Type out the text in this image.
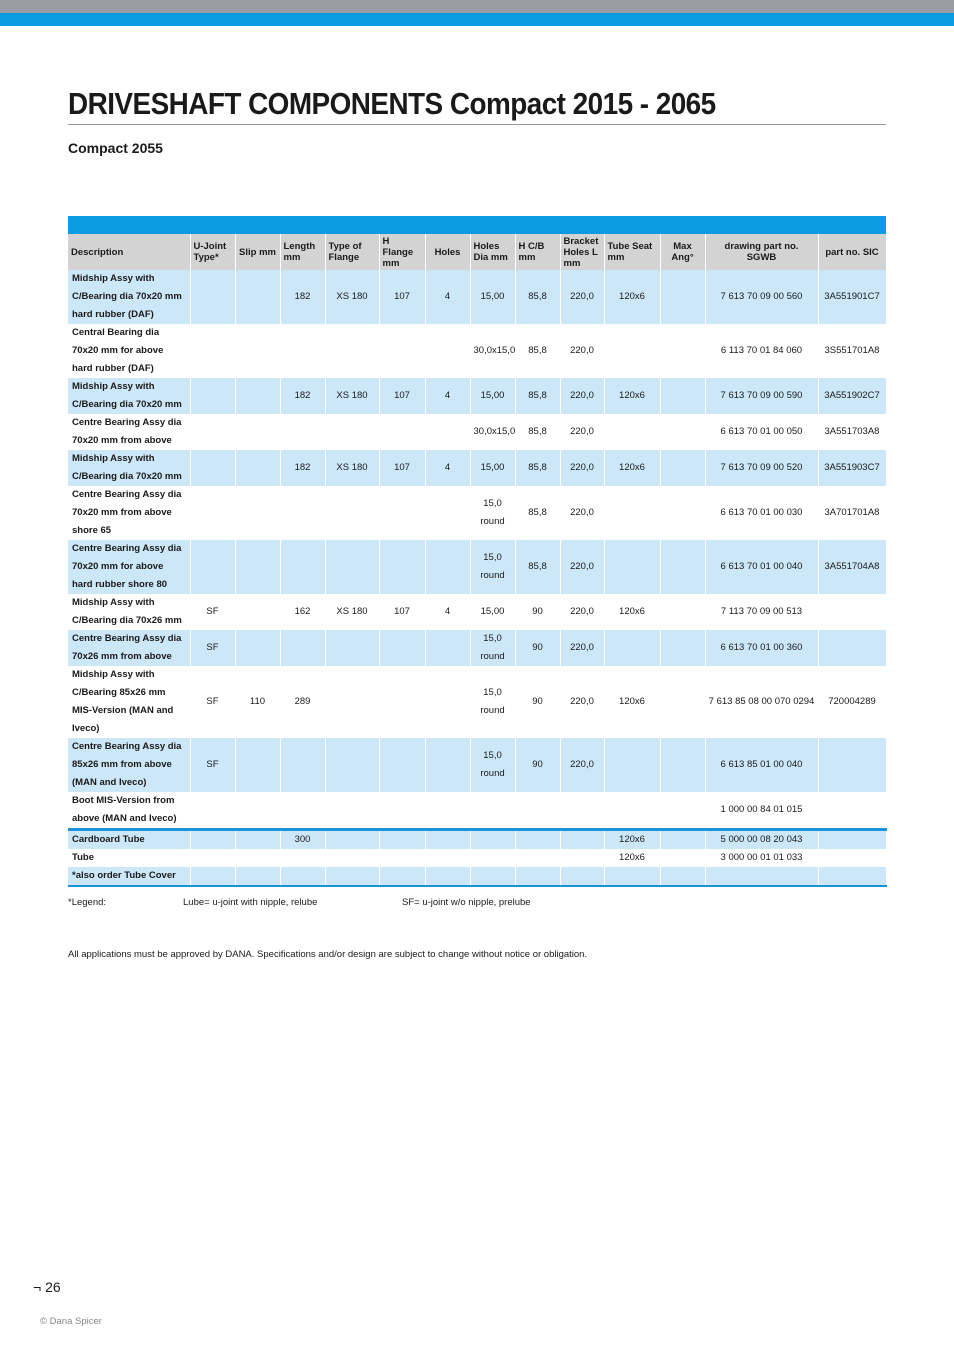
DRIVESHAFT COMPONENTS Compact 2015 - 2065
Compact 2055
Description	U-Joint Type*	Slip mm	Length mm	Type of Flange	H Flange mm	Holes	Holes Dia mm	H C/B mm	Bracket Holes L mm	Tube Seat mm	Max Ang°	drawing part no. SGWB	part no. SIC
Midship Assy with C/Bearing dia 70x20 mm hard rubber (DAF)			182	XS 180	107	4	15,00	85,8	220,0	120x6		7 613 70 09 00 560	3A551901C7
Central Bearing dia 70x20 mm for above hard rubber (DAF)							30,0x15,0	85,8	220,0			6 113 70 01 84 060	3S551701A8
Midship Assy with C/Bearing dia 70x20 mm			182	XS 180	107	4	15,00	85,8	220,0	120x6		7 613 70 09 00 590	3A551902C7
Centre Bearing Assy dia 70x20 mm from above							30,0x15,0	85,8	220,0			6 613 70 01 00 050	3A551703A8
Midship Assy with C/Bearing dia 70x20 mm			182	XS 180	107	4	15,00	85,8	220,0	120x6		7 613 70 09 00 520	3A551903C7
Centre Bearing Assy dia 70x20 mm from above shore 65							15,0 round	85,8	220,0			6 613 70 01 00 030	3A701701A8
Centre Bearing Assy dia 70x20 mm for above hard rubber shore 80							15,0 round	85,8	220,0			6 613 70 01 00 040	3A551704A8
Midship Assy with C/Bearing dia 70x26 mm	SF		162	XS 180	107	4	15,00	90	220,0	120x6		7 113 70 09 00 513	
Centre Bearing Assy dia 70x26 mm from above	SF						15,0 round	90	220,0			6 613 70 01 00 360	
Midship Assy with C/Bearing 85x26 mm MIS-Version (MAN and Iveco)	SF	110	289				15,0 round	90	220,0	120x6		7 613 85 08 00 070 0294	720004289
Centre Bearing Assy dia 85x26 mm from above (MAN and Iveco)	SF						15,0 round	90	220,0			6 613 85 01 00 040	
Boot MIS-Version from above (MAN and Iveco)												1 000 00 84 01 015	
Cardboard Tube			300							120x6		5 000 00 08 20 043	
Tube										120x6		3 000 00 01 01 033	
*also order Tube Cover													
*Legend:	Lube= u-joint with nipple, relube	SF= u-joint w/o nipple, prelube
All applications must be approved by DANA. Specifications and/or design are subject to change without notice or obligation.
¬ 26
© Dana Spicer
